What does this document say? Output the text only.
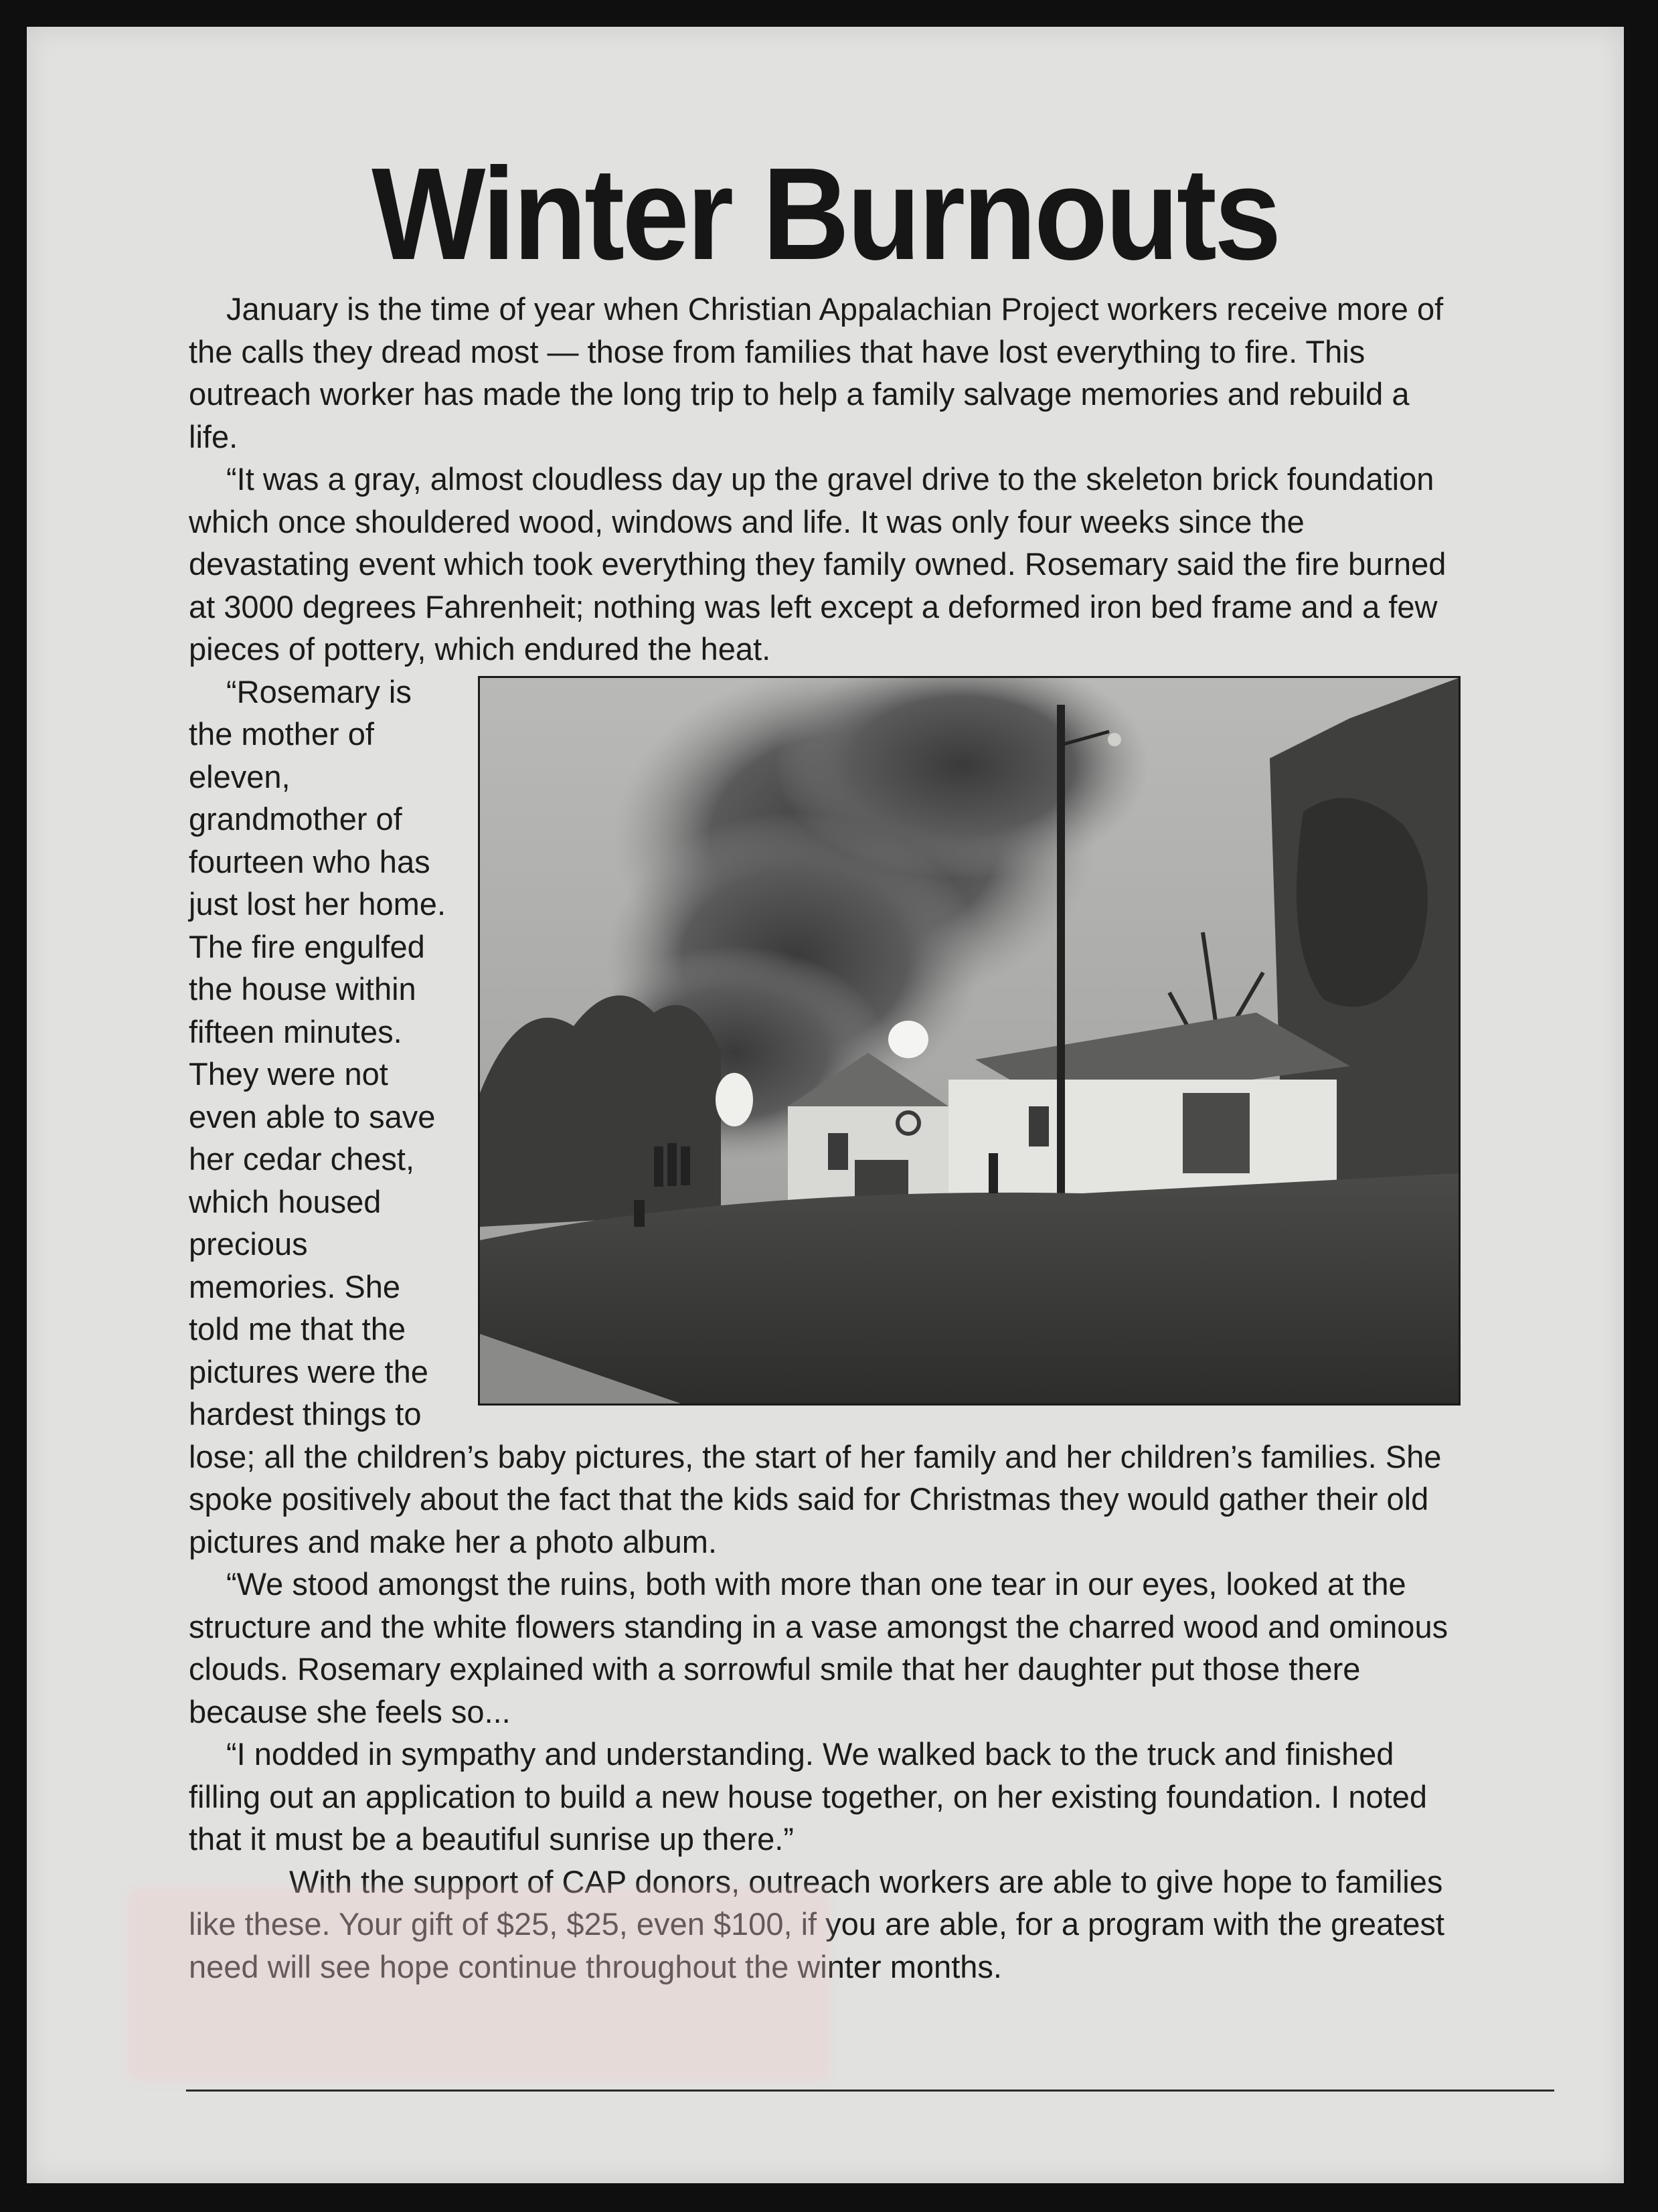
Winter Burnouts

January is the time of year when Christian Appalachian Project workers receive more of the calls they dread most — those from families that have lost everything to fire. This outreach worker has made the long trip to help a family salvage memories and rebuild a life.

“It was a gray, almost cloudless day up the gravel drive to the skeleton brick foundation which once shouldered wood, windows and life. It was only four weeks since the devastating event which took everything they family owned. Rosemary said the fire burned at 3000 degrees Fahrenheit; nothing was left except a deformed iron bed frame and a few pieces of pottery, which endured the heat.

“Rosemary is the mother of eleven, grandmother of fourteen who has just lost her home. The fire engulfed the house within fifteen minutes. They were not even able to save her cedar chest, which housed precious memories. She told me that the pictures were the hardest things to lose; all the children’s baby pictures, the start of her family and her children’s families. She spoke positively about the fact that the kids said for Christmas they would gather their old pictures and make her a photo album.

“We stood amongst the ruins, both with more than one tear in our eyes, looked at the structure and the white flowers standing in a vase amongst the charred wood and ominous clouds. Rosemary explained with a sorrowful smile that her daughter put those there because she feels so...

“I nodded in sympathy and understanding. We walked back to the truck and finished filling out an application to build a new house together, on her existing foundation. I noted that it must be a beautiful sunrise up there.”

With the support of CAP donors, outreach workers are able to give hope to families like these. Your gift of $25, $25, even $100, if you are able, for a program with the greatest need will see hope continue throughout the winter months.
